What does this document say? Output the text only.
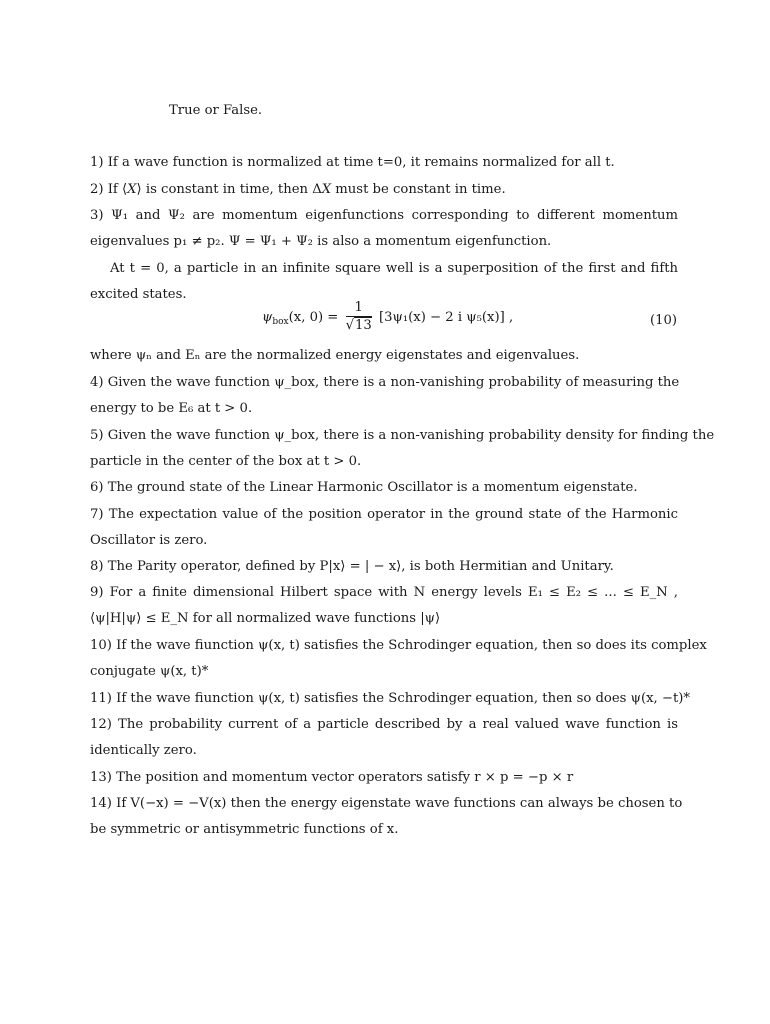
True or False.
1) If a wave function is normalized at time t=0, it remains normalized for all t.
2) If ⟨X⟩ is constant in time, then ΔX must be constant in time.
3) Ψ₁ and Ψ₂ are momentum eigenfunctions corresponding to different momentum
eigenvalues p₁ ≠ p₂. Ψ = Ψ₁ + Ψ₂ is also a momentum eigenfunction.
At t = 0, a particle in an infinite square well is a superposition of the first and fifth
excited states.
$\psi_{box}(x$, $0) = \frac{1}{√13} [3\psi_1(x) - 2$ i ψ₅(x)] ,	(10)
where ψₙ and Eₙ are the normalized energy eigenstates and eigenvalues.
4) Given the wave function ψ_box, there is a non-vanishing probability of measuring the
energy to be E₆ at t > 0.
5) Given the wave function ψ_box, there is a non-vanishing probability density for finding the
particle in the center of the box at t > 0.
6) The ground state of the Linear Harmonic Oscillator is a momentum eigenstate.
7) The expectation value of the position operator in the ground state of the Harmonic
Oscillator is zero.
8) The Parity operator, defined by P|x⟩ = | − x⟩, is both Hermitian and Unitary.
9) For a finite dimensional Hilbert space with N energy levels E₁ ≤ E₂ ≤ ... ≤ E_N ,
⟨ψ|H|ψ⟩ ≤ E_N for all normalized wave functions |ψ⟩
10) If the wave fiunction ψ(x, t) satisfies the Schrodinger equation, then so does its complex
conjugate ψ(x, t)*
11) If the wave fiunction ψ(x, t) satisfies the Schrodinger equation, then so does ψ(x, −t)*
12) The probability current of a particle described by a real valued wave function is
identically zero.
13) The position and momentum vector operators satisfy r × p = −p × r
14) If V(−x) = −V(x) then the energy eigenstate wave functions can always be chosen to
be symmetric or antisymmetric functions of x.
